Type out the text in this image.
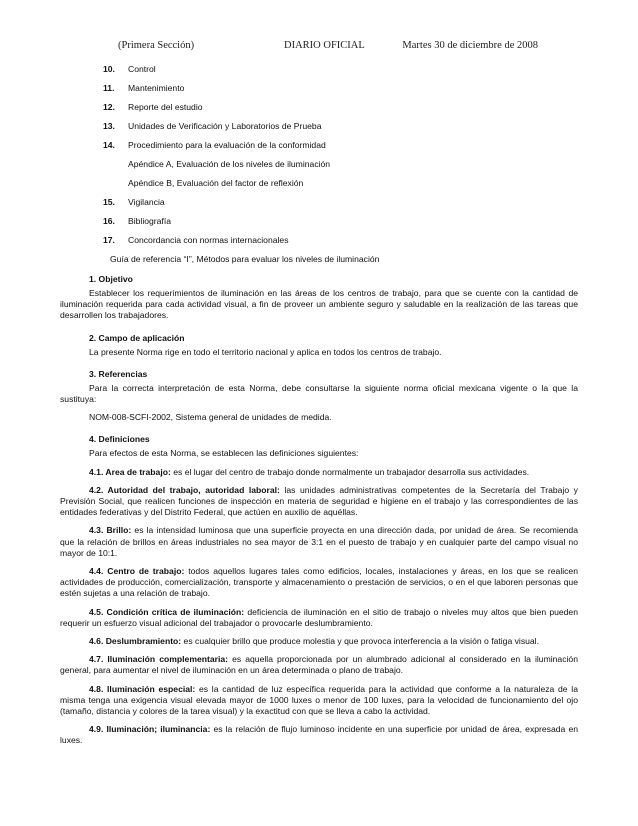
(Primera Sección)	DIARIO OFICIAL	Martes 30 de diciembre de 2008
10. Control
11. Mantenimiento
12. Reporte del estudio
13. Unidades de Verificación y Laboratorios de Prueba
14. Procedimiento para la evaluación de la conformidad
Apéndice A, Evaluación de los niveles de iluminación
Apéndice B, Evaluación del factor de reflexión
15. Vigilancia
16. Bibliografía
17. Concordancia con normas internacionales
Guía de referencia “I”, Métodos para evaluar los niveles de iluminación
1. Objetivo

Establecer los requerimientos de iluminación en las áreas de los centros de trabajo, para que se cuente con la cantidad de iluminación requerida para cada actividad visual, a fin de proveer un ambiente seguro y saludable en la realización de las tareas que desarrollen los trabajadores.

2. Campo de aplicación

La presente Norma rige en todo el territorio nacional y aplica en todos los centros de trabajo.

3. Referencias

Para la correcta interpretación de esta Norma, debe consultarse la siguiente norma oficial mexicana vigente o la que la sustituya:

NOM-008-SCFI-2002, Sistema general de unidades de medida.

4. Definiciones

Para efectos de esta Norma, se establecen las definiciones siguientes:

4.1. Area de trabajo: es el lugar del centro de trabajo donde normalmente un trabajador desarrolla sus actividades.

4.2. Autoridad del trabajo, autoridad laboral: las unidades administrativas competentes de la Secretaría del Trabajo y Previsión Social, que realicen funciones de inspección en materia de seguridad e higiene en el trabajo y las correspondientes de las entidades federativas y del Distrito Federal, que actúen en auxilio de aquéllas.

4.3. Brillo: es la intensidad luminosa que una superficie proyecta en una dirección dada, por unidad de área. Se recomienda que la relación de brillos en áreas industriales no sea mayor de 3:1 en el puesto de trabajo y en cualquier parte del campo visual no mayor de 10:1.

4.4. Centro de trabajo: todos aquellos lugares tales como edificios, locales, instalaciones y áreas, en los que se realicen actividades de producción, comercialización, transporte y almacenamiento o prestación de servicios, o en el que laboren personas que estén sujetas a una relación de trabajo.

4.5. Condición crítica de iluminación: deficiencia de iluminación en el sitio de trabajo o niveles muy altos que bien pueden requerir un esfuerzo visual adicional del trabajador o provocarle deslumbramiento.

4.6. Deslumbramiento: es cualquier brillo que produce molestia y que provoca interferencia a la visión o fatiga visual.

4.7. Iluminación complementaria: es aquella proporcionada por un alumbrado adicional al considerado en la iluminación general, para aumentar el nivel de iluminación en un área determinada o plano de trabajo.

4.8. Iluminación especial: es la cantidad de luz específica requerida para la actividad que conforme a la naturaleza de la misma tenga una exigencia visual elevada mayor de 1000 luxes o menor de 100 luxes, para la velocidad de funcionamiento del ojo (tamaño, distancia y colores de la tarea visual) y la exactitud con que se lleva a cabo la actividad.

4.9. Iluminación; iluminancia: es la relación de flujo luminoso incidente en una superficie por unidad de área, expresada en luxes.
